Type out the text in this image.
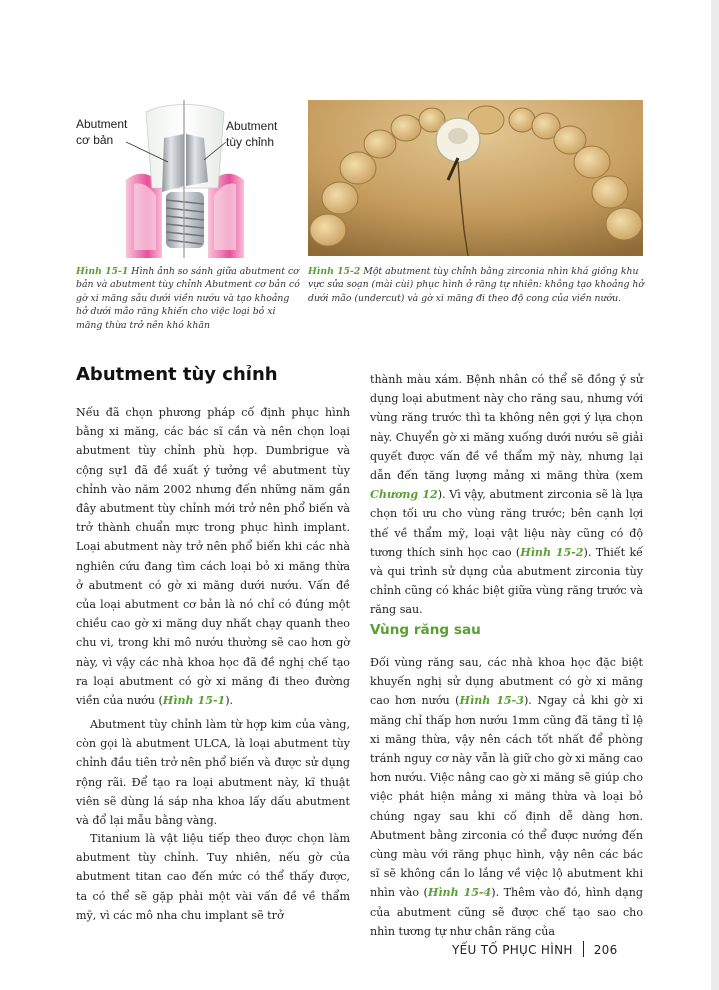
Abutment
cơ bản
Abutment
tùy chỉnh
Hình 15-1 Hình ảnh so sánh giữa abutment cơ bản và abutment tùy chỉnh Abutment cơ bản có gờ xi măng sâu dưới viền nướu và tạo khoảng hở dưới mão răng khiến cho việc loại bỏ xi măng thừa trở nên khó khăn
Hình 15-2 Một abutment tùy chỉnh bằng zirconia nhìn khá giống khu vực sửa soạn (mài cùi) phục hình ở răng tự nhiên: không tạo khoảng hở dưới mão (undercut) và gờ xi măng đi theo độ cong của viền nướu.
Abutment tùy chỉnh

Nếu đã chọn phương pháp cố định phục hình bằng xi măng, các bác sĩ cần và nên chọn loại abutment tùy chỉnh phù hợp. Dumbrigue và cộng sự1 đã đề xuất ý tưởng về abutment tùy chỉnh vào năm 2002 nhưng đến những năm gần đây abutment tùy chỉnh mới trở nên phổ biến và trở thành chuẩn mực trong phục hình implant. Loại abutment này trở nên phổ biến khi các nhà nghiên cứu đang tìm cách loại bỏ xi măng thừa ở abutment có gờ xi măng dưới nướu. Vấn đề của loại abutment cơ bản là nó chỉ có đúng một chiều cao gờ xi măng duy nhất chạy quanh theo chu vi, trong khi mô nướu thường sẽ cao hơn gờ này, vì vậy các nhà khoa học đã đề nghị chế tạo ra loại abutment có gờ xi măng đi theo đường viền của nướu (Hình 15-1).

Abutment tùy chỉnh làm từ hợp kim của vàng, còn gọi là abutment ULCA, là loại abutment tùy chỉnh đầu tiên trở nên phổ biến và được sử dụng rộng rãi. Để tạo ra loại abutment này, kĩ thuật viên sẽ dùng lá sáp nha khoa lấy dấu abutment và đổ lại mẫu bằng vàng.

Titanium là vật liệu tiếp theo được chọn làm abutment tùy chỉnh. Tuy nhiên, nếu gờ của abutment titan cao đến mức có thể thấy được, ta có thể sẽ gặp phải một vài vấn đề về thẩm mỹ, vì các mô nha chu implant sẽ trở

thành màu xám. Bệnh nhân có thể sẽ đồng ý sử dụng loại abutment này cho răng sau, nhưng với vùng răng trước thì ta không nên gợi ý lựa chọn này. Chuyển gờ xi măng xuống dưới nướu sẽ giải quyết được vấn đề về thẩm mỹ này, nhưng lại dẫn đến tăng lượng mảng xi măng thừa (xem Chương 12). Vì vậy, abutment zirconia sẽ là lựa chọn tối ưu cho vùng răng trước; bên cạnh lợi thế về thẩm mỹ, loại vật liệu này cũng có độ tương thích sinh học cao (Hình 15-2). Thiết kế và qui trình sử dụng của abutment zirconia tùy chỉnh cũng có khác biệt giữa vùng răng trước và răng sau.

Vùng răng sau

Đối vùng răng sau, các nhà khoa học đặc biệt khuyến nghị sử dụng abutment có gờ xi măng cao hơn nướu (Hình 15-3). Ngay cả khi gờ xi măng chỉ thấp hơn nướu 1mm cũng đã tăng tỉ lệ xi măng thừa, vậy nên cách tốt nhất để phòng tránh nguy cơ này vẫn là giữ cho gờ xi măng cao hơn nướu. Việc nâng cao gờ xi măng sẽ giúp cho việc phát hiện mảng xi măng thừa và loại bỏ chúng ngay sau khi cố định dễ dàng hơn. Abutment bằng zirconia có thể được nướng đến cùng màu với răng phục hình, vậy nên các bác sĩ sẽ không cần lo lắng về việc lộ abutment khi nhìn vào (Hình 15-4). Thêm vào đó, hình dạng của abutment cũng sẽ được chế tạo sao cho nhìn tương tự như chân răng của

YẾU TỐ PHỤC HÌNH 206
